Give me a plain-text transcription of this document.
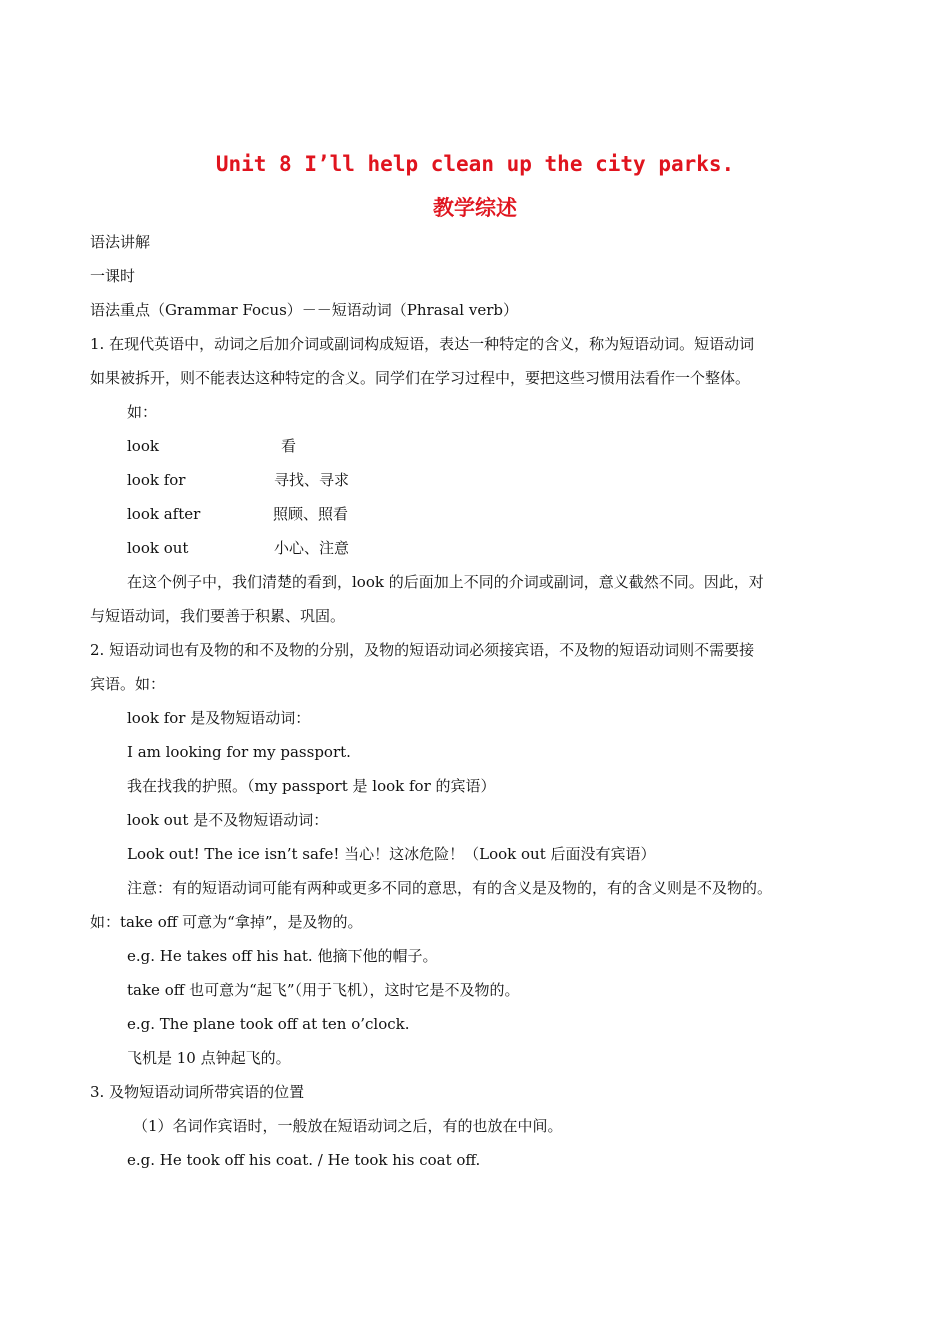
Unit 8 I’ll help clean up the city parks.
教学综述
语法讲解
一课时
语法重点（Grammar Focus）－－短语动词（Phrasal verb）
1. 在现代英语中，动词之后加介词或副词构成短语，表达一种特定的含义，称为短语动词。短语动词
如果被拆开，则不能表达这种特定的含义。同学们在学习过程中，要把这些习惯用法看作一个整体。
如：
look	看
look for	寻找、寻求
look after	照顾、照看
look out	小心、注意
在这个例子中，我们清楚的看到，look 的后面加上不同的介词或副词，意义截然不同。因此，对
与短语动词，我们要善于积累、巩固。
2. 短语动词也有及物的和不及物的分别，及物的短语动词必须接宾语，不及物的短语动词则不需要接
宾语。如：
look for 是及物短语动词：
I am looking for my passport.
我在找我的护照。（my passport 是 look for 的宾语）
look out 是不及物短语动词：
Look out! The ice isn’t safe! 当心！这冰危险！（Look out 后面没有宾语）
注意：有的短语动词可能有两种或更多不同的意思，有的含义是及物的，有的含义则是不及物的。
如：take off 可意为“拿掉”，是及物的。
e.g. He takes off his hat. 他摘下他的帽子。
take off 也可意为“起飞”（用于飞机），这时它是不及物的。
e.g. The plane took off at ten o’clock.
飞机是 10 点钟起飞的。
3. 及物短语动词所带宾语的位置
（1）名词作宾语时，一般放在短语动词之后，有的也放在中间。
e.g. He took off his coat. / He took his coat off.
